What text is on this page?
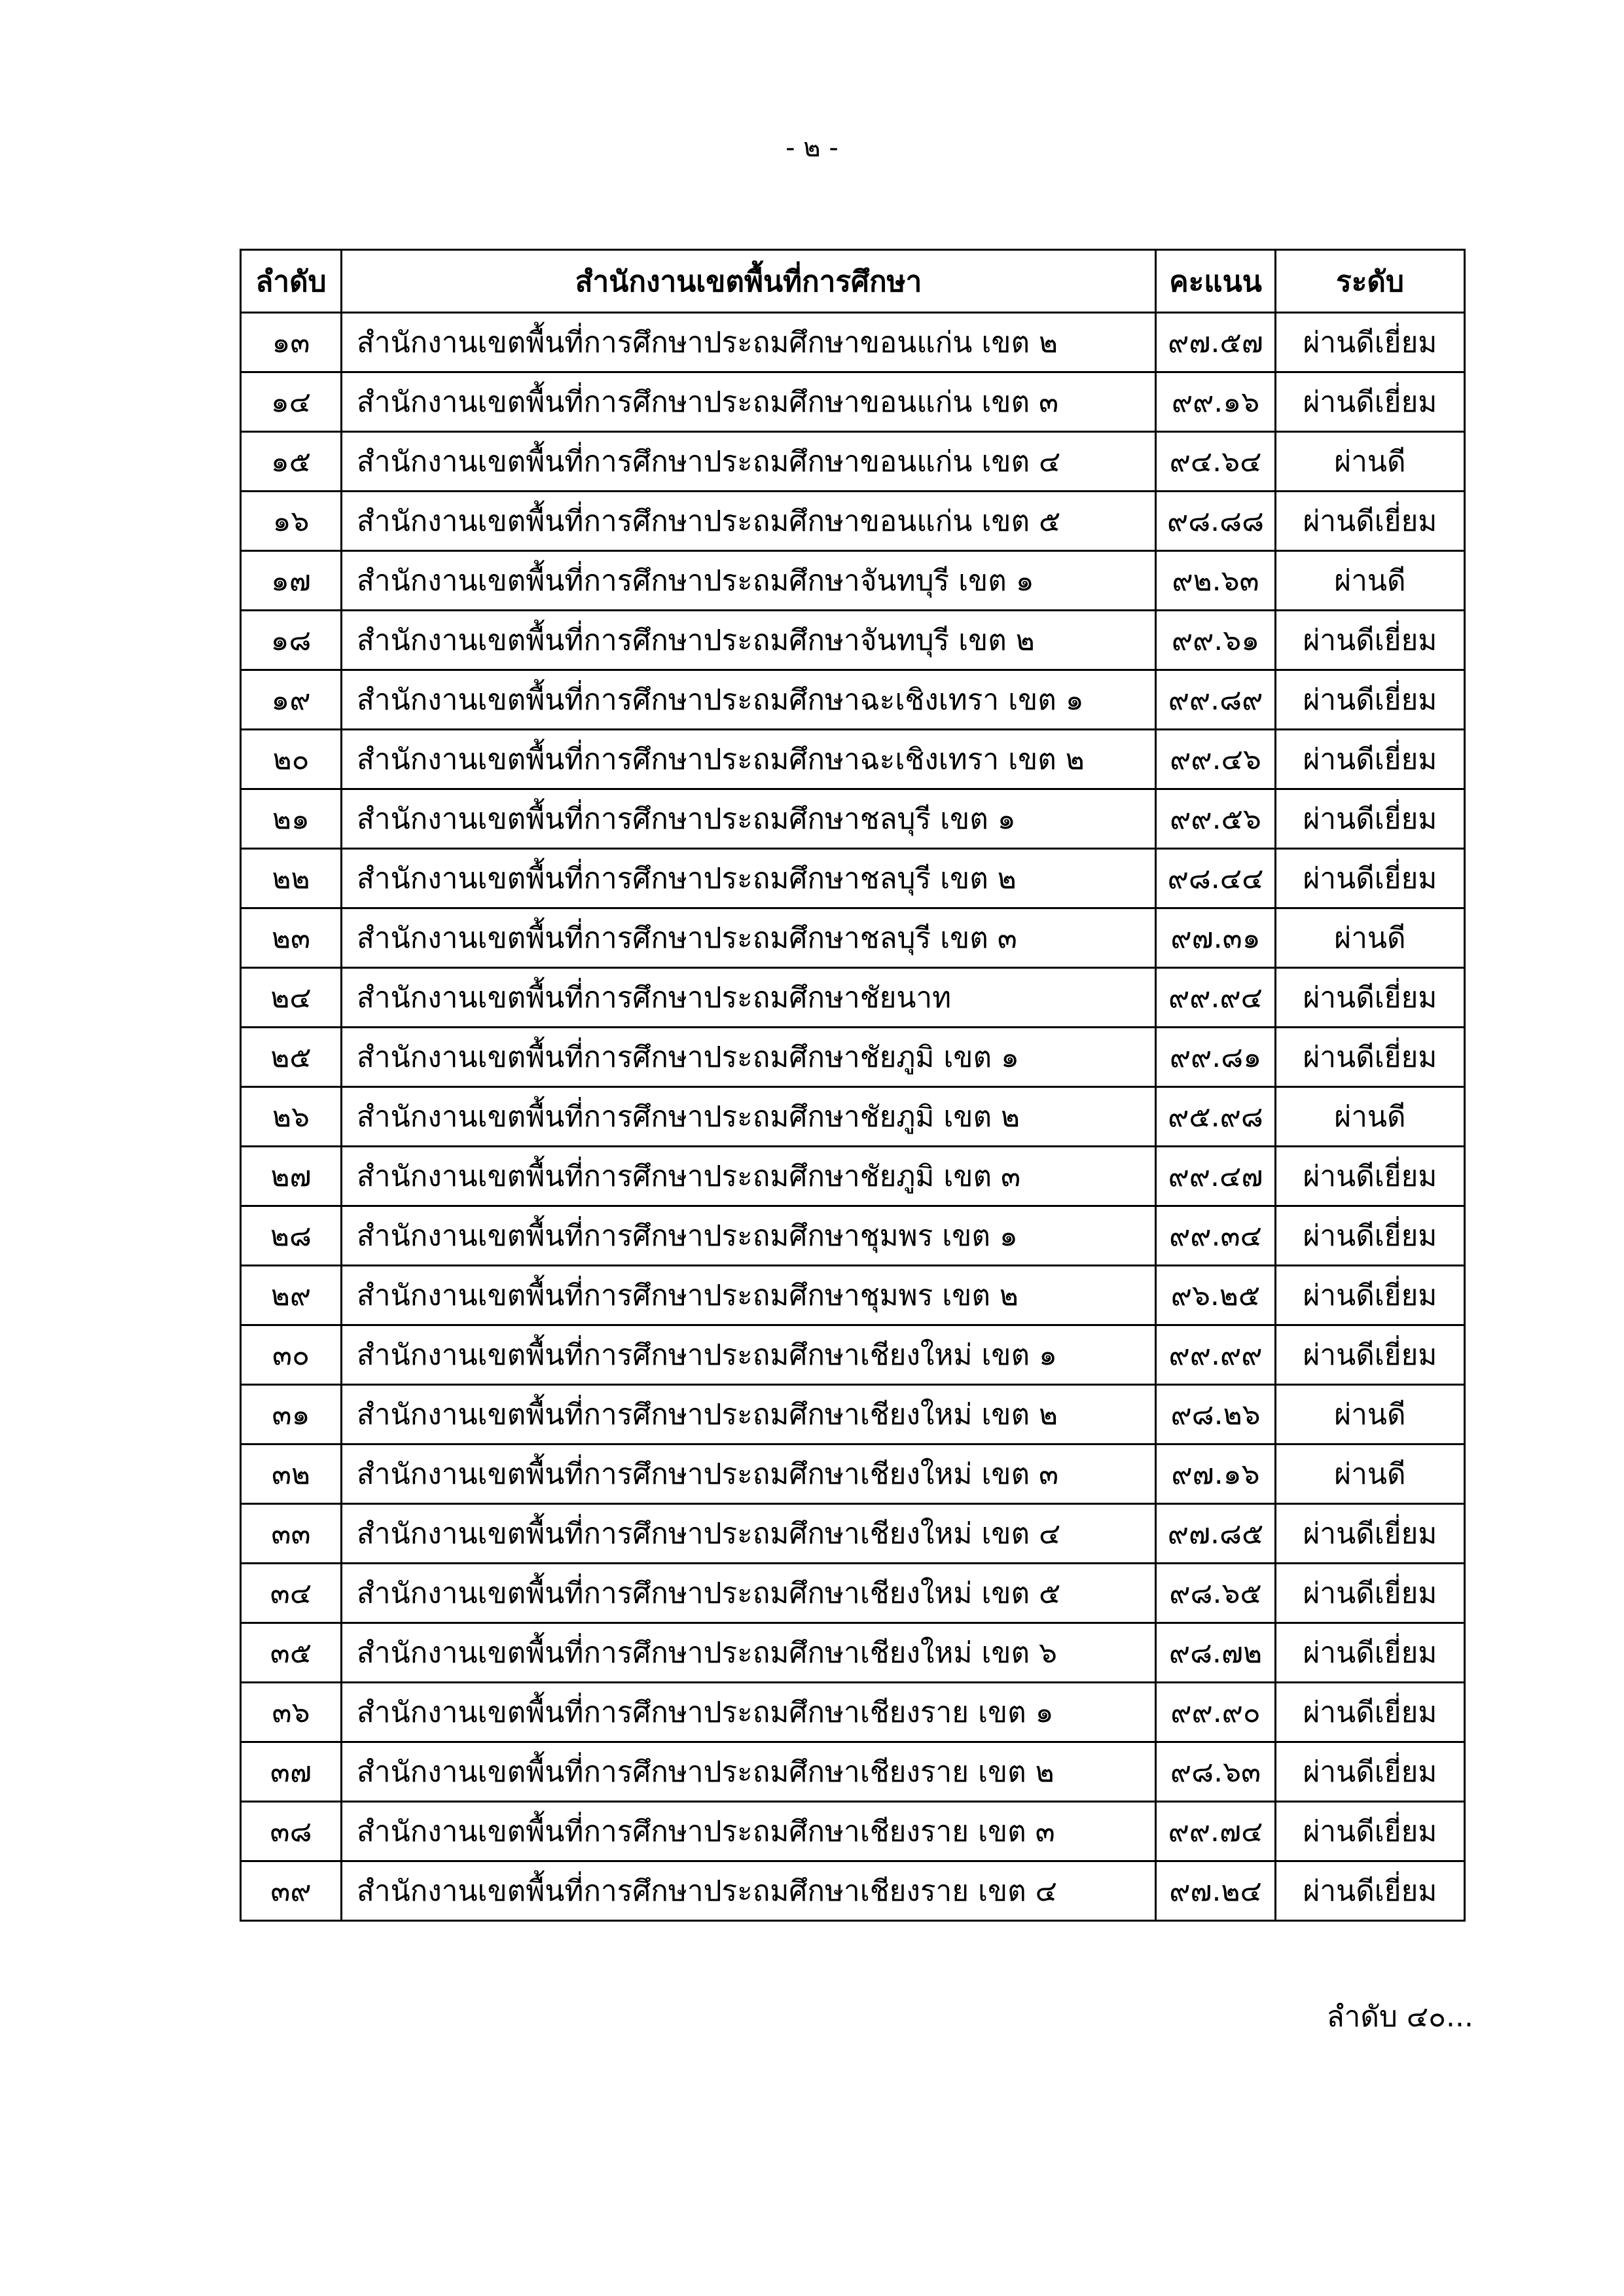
- ๒ -
ลำดับ	สำนักงานเขตพื้นที่การศึกษา	คะแนน	ระดับ
๑๓	สำนักงานเขตพื้นที่การศึกษาประถมศึกษาขอนแก่น เขต ๒	๙๗.๕๗	ผ่านดีเยี่ยม
๑๔	สำนักงานเขตพื้นที่การศึกษาประถมศึกษาขอนแก่น เขต ๓	๙๙.๑๖	ผ่านดีเยี่ยม
๑๕	สำนักงานเขตพื้นที่การศึกษาประถมศึกษาขอนแก่น เขต ๔	๙๔.๖๔	ผ่านดี
๑๖	สำนักงานเขตพื้นที่การศึกษาประถมศึกษาขอนแก่น เขต ๕	๙๘.๘๘	ผ่านดีเยี่ยม
๑๗	สำนักงานเขตพื้นที่การศึกษาประถมศึกษาจันทบุรี เขต ๑	๙๒.๖๓	ผ่านดี
๑๘	สำนักงานเขตพื้นที่การศึกษาประถมศึกษาจันทบุรี เขต ๒	๙๙.๖๑	ผ่านดีเยี่ยม
๑๙	สำนักงานเขตพื้นที่การศึกษาประถมศึกษาฉะเชิงเทรา เขต ๑	๙๙.๘๙	ผ่านดีเยี่ยม
๒๐	สำนักงานเขตพื้นที่การศึกษาประถมศึกษาฉะเชิงเทรา เขต ๒	๙๙.๔๖	ผ่านดีเยี่ยม
๒๑	สำนักงานเขตพื้นที่การศึกษาประถมศึกษาชลบุรี เขต ๑	๙๙.๕๖	ผ่านดีเยี่ยม
๒๒	สำนักงานเขตพื้นที่การศึกษาประถมศึกษาชลบุรี เขต ๒	๙๘.๔๔	ผ่านดีเยี่ยม
๒๓	สำนักงานเขตพื้นที่การศึกษาประถมศึกษาชลบุรี เขต ๓	๙๗.๓๑	ผ่านดี
๒๔	สำนักงานเขตพื้นที่การศึกษาประถมศึกษาชัยนาท	๙๙.๙๔	ผ่านดีเยี่ยม
๒๕	สำนักงานเขตพื้นที่การศึกษาประถมศึกษาชัยภูมิ เขต ๑	๙๙.๘๑	ผ่านดีเยี่ยม
๒๖	สำนักงานเขตพื้นที่การศึกษาประถมศึกษาชัยภูมิ เขต ๒	๙๕.๙๘	ผ่านดี
๒๗	สำนักงานเขตพื้นที่การศึกษาประถมศึกษาชัยภูมิ เขต ๓	๙๙.๔๗	ผ่านดีเยี่ยม
๒๘	สำนักงานเขตพื้นที่การศึกษาประถมศึกษาชุมพร เขต ๑	๙๙.๓๔	ผ่านดีเยี่ยม
๒๙	สำนักงานเขตพื้นที่การศึกษาประถมศึกษาชุมพร เขต ๒	๙๖.๒๕	ผ่านดีเยี่ยม
๓๐	สำนักงานเขตพื้นที่การศึกษาประถมศึกษาเชียงใหม่ เขต ๑	๙๙.๙๙	ผ่านดีเยี่ยม
๓๑	สำนักงานเขตพื้นที่การศึกษาประถมศึกษาเชียงใหม่ เขต ๒	๙๘.๒๖	ผ่านดี
๓๒	สำนักงานเขตพื้นที่การศึกษาประถมศึกษาเชียงใหม่ เขต ๓	๙๗.๑๖	ผ่านดี
๓๓	สำนักงานเขตพื้นที่การศึกษาประถมศึกษาเชียงใหม่ เขต ๔	๙๗.๘๕	ผ่านดีเยี่ยม
๓๔	สำนักงานเขตพื้นที่การศึกษาประถมศึกษาเชียงใหม่ เขต ๕	๙๘.๖๕	ผ่านดีเยี่ยม
๓๕	สำนักงานเขตพื้นที่การศึกษาประถมศึกษาเชียงใหม่ เขต ๖	๙๘.๗๒	ผ่านดีเยี่ยม
๓๖	สำนักงานเขตพื้นที่การศึกษาประถมศึกษาเชียงราย เขต ๑	๙๙.๙๐	ผ่านดีเยี่ยม
๓๗	สำนักงานเขตพื้นที่การศึกษาประถมศึกษาเชียงราย เขต ๒	๙๘.๖๓	ผ่านดีเยี่ยม
๓๘	สำนักงานเขตพื้นที่การศึกษาประถมศึกษาเชียงราย เขต ๓	๙๙.๗๔	ผ่านดีเยี่ยม
๓๙	สำนักงานเขตพื้นที่การศึกษาประถมศึกษาเชียงราย เขต ๔	๙๗.๒๔	ผ่านดีเยี่ยม
ลำดับ ๔๐...
